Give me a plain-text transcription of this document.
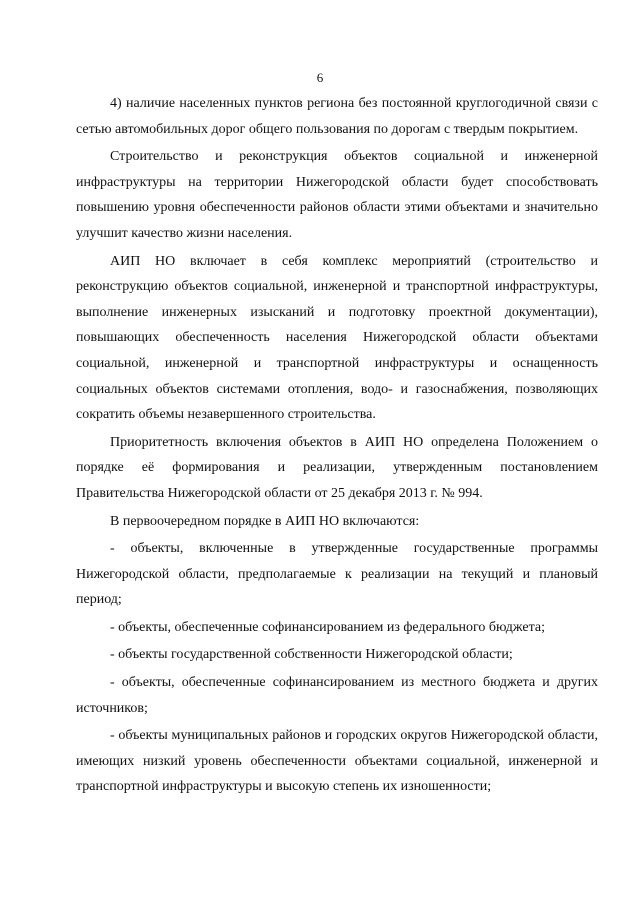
6

4) наличие населенных пунктов региона без постоянной круглогодичной связи с сетью автомобильных дорог общего пользования по дорогам с твердым покрытием.

Строительство и реконструкция объектов социальной и инженерной инфраструктуры на территории Нижегородской области будет способствовать повышению уровня обеспеченности районов области этими объектами и значительно улучшит качество жизни населения.

АИП НО включает в себя комплекс мероприятий (строительство и реконструкцию объектов социальной, инженерной и транспортной инфраструктуры, выполнение инженерных изысканий и подготовку проектной документации), повышающих обеспеченность населения Нижегородской области объектами социальной, инженерной и транспортной инфраструктуры и оснащенность социальных объектов системами отопления, водо- и газоснабжения, позволяющих сократить объемы незавершенного строительства.

Приоритетность включения объектов в АИП НО определена Положением о порядке её формирования и реализации, утвержденным постановлением Правительства Нижегородской области от 25 декабря 2013 г. № 994.

В первоочередном порядке в АИП НО включаются:

- объекты, включенные в утвержденные государственные программы Нижегородской области, предполагаемые к реализации на текущий и плановый период;

- объекты, обеспеченные софинансированием из федерального бюджета;

- объекты государственной собственности Нижегородской области;

- объекты, обеспеченные софинансированием из местного бюджета и других источников;

- объекты муниципальных районов и городских округов Нижегородской области, имеющих низкий уровень обеспеченности объектами социальной, инженерной и транспортной инфраструктуры и высокую степень их изношенности;
